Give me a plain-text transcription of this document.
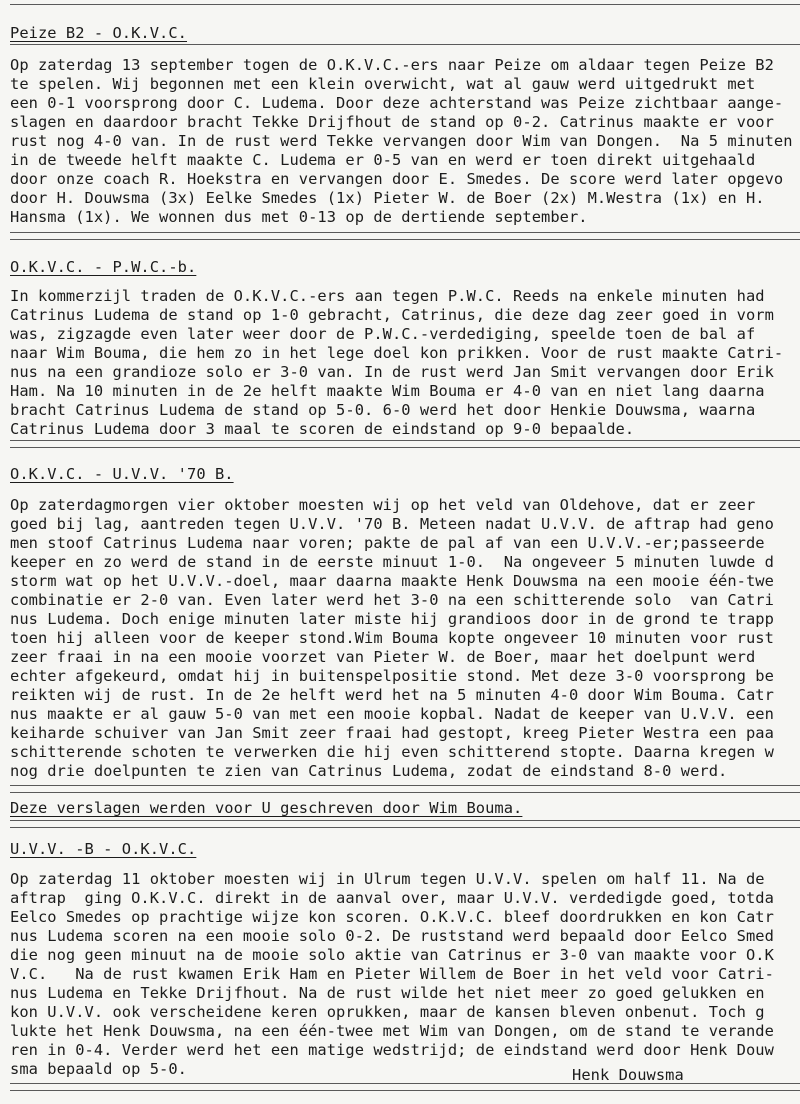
Peize B2 - O.K.V.C.
Op zaterdag 13 september togen de O.K.V.C.-ers naar Peize om aldaar tegen Peize B2
te spelen. Wij begonnen met een klein overwicht, wat al gauw werd uitgedrukt met
een 0-1 voorsprong door C. Ludema. Door deze achterstand was Peize zichtbaar aange-
slagen en daardoor bracht Tekke Drijfhout de stand op 0-2. Catrinus maakte er voor
rust nog 4-0 van. In de rust werd Tekke vervangen door Wim van Dongen.  Na 5 minuten
in de tweede helft maakte C. Ludema er 0-5 van en werd er toen direkt uitgehaald
door onze coach R. Hoekstra en vervangen door E. Smedes. De score werd later opgevo
door H. Douwsma (3x) Eelke Smedes (1x) Pieter W. de Boer (2x) M.Westra (1x) en H.
Hansma (1x). We wonnen dus met 0-13 op de dertiende september.
O.K.V.C. - P.W.C.-b.
In kommerzijl traden de O.K.V.C.-ers aan tegen P.W.C. Reeds na enkele minuten had
Catrinus Ludema de stand op 1-0 gebracht, Catrinus, die deze dag zeer goed in vorm
was, zigzagde even later weer door de P.W.C.-verdediging, speelde toen de bal af
naar Wim Bouma, die hem zo in het lege doel kon prikken. Voor de rust maakte Catri-
nus na een grandioze solo er 3-0 van. In de rust werd Jan Smit vervangen door Erik
Ham. Na 10 minuten in de 2e helft maakte Wim Bouma er 4-0 van en niet lang daarna
bracht Catrinus Ludema de stand op 5-0. 6-0 werd het door Henkie Douwsma, waarna
Catrinus Ludema door 3 maal te scoren de eindstand op 9-0 bepaalde.
O.K.V.C. - U.V.V. '70 B.
Op zaterdagmorgen vier oktober moesten wij op het veld van Oldehove, dat er zeer
goed bij lag, aantreden tegen U.V.V. '70 B. Meteen nadat U.V.V. de aftrap had geno
men stoof Catrinus Ludema naar voren; pakte de pal af van een U.V.V.-er;passeerde
keeper en zo werd de stand in de eerste minuut 1-0.  Na ongeveer 5 minuten luwde d
storm wat op het U.V.V.-doel, maar daarna maakte Henk Douwsma na een mooie één-twe
combinatie er 2-0 van. Even later werd het 3-0 na een schitterende solo  van Catri
nus Ludema. Doch enige minuten later miste hij grandioos door in de grond te trapp
toen hij alleen voor de keeper stond.Wim Bouma kopte ongeveer 10 minuten voor rust
zeer fraai in na een mooie voorzet van Pieter W. de Boer, maar het doelpunt werd
echter afgekeurd, omdat hij in buitenspelpositie stond. Met deze 3-0 voorsprong be
reikten wij de rust. In de 2e helft werd het na 5 minuten 4-0 door Wim Bouma. Catr
nus maakte er al gauw 5-0 van met een mooie kopbal. Nadat de keeper van U.V.V. een
keiharde schuiver van Jan Smit zeer fraai had gestopt, kreeg Pieter Westra een paa
schitterende schoten te verwerken die hij even schitterend stopte. Daarna kregen w
nog drie doelpunten te zien van Catrinus Ludema, zodat de eindstand 8-0 werd.
Deze verslagen werden voor U geschreven door Wim Bouma.
U.V.V. -B - O.K.V.C.
Op zaterdag 11 oktober moesten wij in Ulrum tegen U.V.V. spelen om half 11. Na de
aftrap  ging O.K.V.C. direkt in de aanval over, maar U.V.V. verdedigde goed, totda
Eelco Smedes op prachtige wijze kon scoren. O.K.V.C. bleef doordrukken en kon Catr
nus Ludema scoren na een mooie solo 0-2. De ruststand werd bepaald door Eelco Smed
die nog geen minuut na de mooie solo aktie van Catrinus er 3-0 van maakte voor O.K
V.C.   Na de rust kwamen Erik Ham en Pieter Willem de Boer in het veld voor Catri-
nus Ludema en Tekke Drijfhout. Na de rust wilde het niet meer zo goed gelukken en
kon U.V.V. ook verscheidene keren oprukken, maar de kansen bleven onbenut. Toch g
lukte het Henk Douwsma, na een één-twee met Wim van Dongen, om de stand te verande
ren in 0-4. Verder werd het een matige wedstrijd; de eindstand werd door Henk Douw
sma bepaald op 5-0.	Henk Douwsma
